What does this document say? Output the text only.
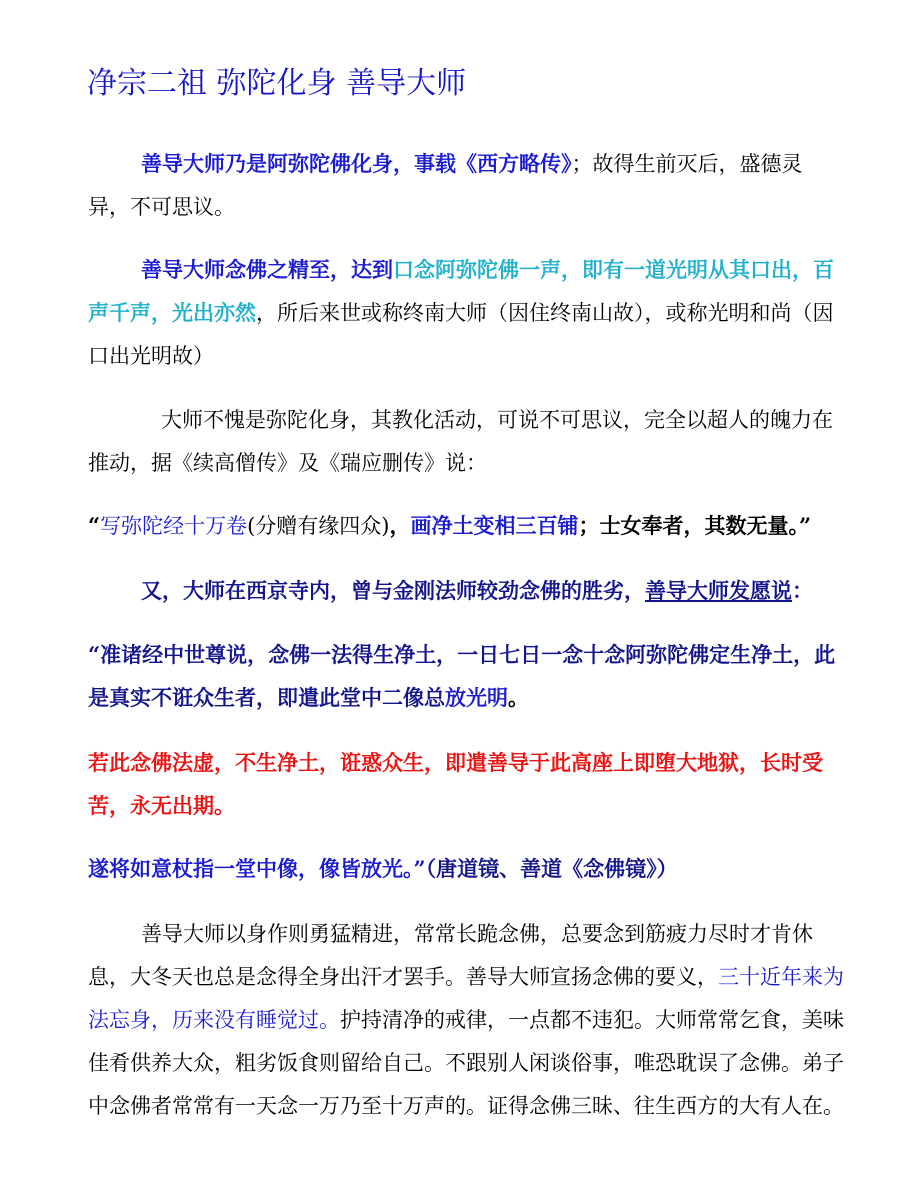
净宗二祖 弥陀化身 善导大师
善导大师乃是阿弥陀佛化身，事载《西方略传》；故得生前灭后，盛德灵
异，不可思议。
善导大师念佛之精至，达到口念阿弥陀佛一声，即有一道光明从其口出，百
声千声，光出亦然，所后来世或称终南大师（因住终南山故），或称光明和尚（因
口出光明故）
大师不愧是弥陀化身，其教化活动，可说不可思议，完全以超人的魄力在
推动，据《续高僧传》及《瑞应删传》说：
“写弥陀经十万卷(分赠有缘四众)，画净土变相三百铺；士女奉者，其数无量。”
又，大师在西京寺内，曾与金刚法师较劲念佛的胜劣，善导大师发愿说：
“准诸经中世尊说，念佛一法得生净土，一日七日一念十念阿弥陀佛定生净土，此
是真实不诳众生者，即遣此堂中二像总放光明。
若此念佛法虚，不生净土，诳惑众生，即遣善导于此高座上即堕大地狱，长时受
苦，永无出期。
遂将如意杖指一堂中像，像皆放光。”（唐道镜、善道《念佛镜》）
善导大师以身作则勇猛精进，常常长跪念佛，总要念到筋疲力尽时才肯休
息，大冬天也总是念得全身出汗才罢手。善导大师宣扬念佛的要义，三十近年来为
法忘身，历来没有睡觉过。护持清净的戒律，一点都不违犯。大师常常乞食，美味
佳肴供养大众，粗劣饭食则留给自己。不跟别人闲谈俗事，唯恐耽误了念佛。弟子
中念佛者常常有一天念一万乃至十万声的。证得念佛三昧、往生西方的大有人在。
